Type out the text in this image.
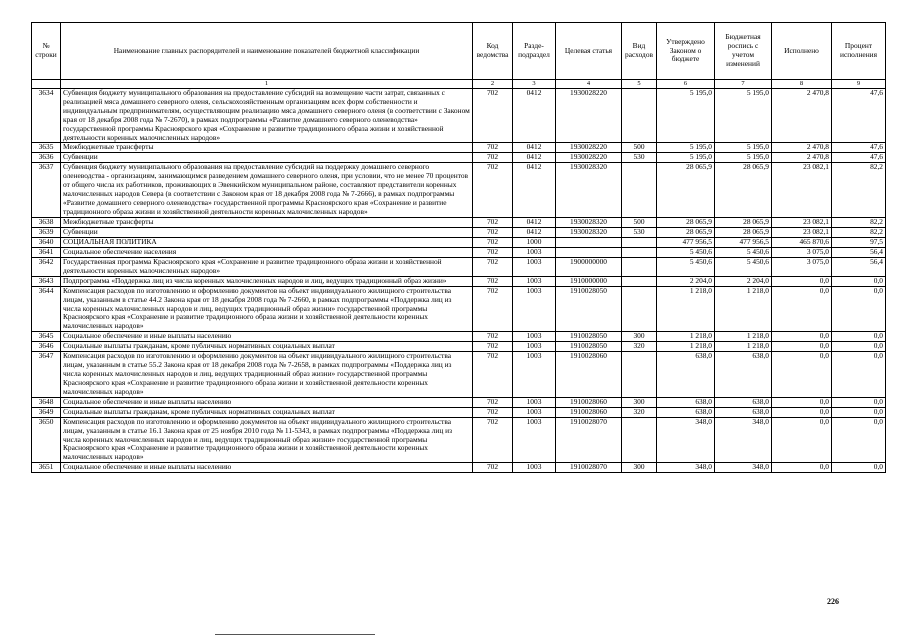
№ строки	Наименование главных распорядителей и наименование показателей бюджетной классификации	Код ведомства	Разде-подраздел	Целевая статья	Вид расходов	Утверждено Законом о бюджете	Бюджетная роспись с учетом изменений	Исполнено	Процент исполнения
	1	2	3	4	5	6	7	8	9
3634	Субвенция бюджету муниципального образования на предоставление субсидий на возмещение части затрат, связанных с реализацией мяса домашнего северного оленя, сельскохозяйственным организациям всех форм собственности и индивидуальным предпринимателям, осуществляющим реализацию мяса домашнего северного оленя (в соответствии с Законом края от 18 декабря 2008 года № 7-2670), в рамках подпрограммы «Развитие домашнего северного оленеводства» государственной программы Красноярского края «Сохранение и развитие традиционного образа жизни и хозяйственной деятельности коренных малочисленных народов»	702	0412	1930028220		5 195,0	5 195,0	2 470,8	47,6
3635	Межбюджетные трансферты	702	0412	1930028220	500	5 195,0	5 195,0	2 470,8	47,6
3636	Субвенции	702	0412	1930028220	530	5 195,0	5 195,0	2 470,8	47,6
3637	Субвенция бюджету муниципального образования на предоставление субсидий на поддержку домашнего северного оленеводства - организациям, занимающимся разведением домашнего северного оленя, при условии, что не менее 70 процентов от общего числа их работников, проживающих в Эвенкийском муниципальном районе, составляют представители коренных малочисленных народов Севера (в соответствии с Законом края от 18 декабря 2008 года № 7-2666), в рамках подпрограммы «Развитие домашнего северного оленеводства» государственной программы Красноярского края «Сохранение и развитие традиционного образа жизни и хозяйственной деятельности коренных малочисленных народов»	702	0412	1930028320		28 065,9	28 065,9	23 082,1	82,2
3638	Межбюджетные трансферты	702	0412	1930028320	500	28 065,9	28 065,9	23 082,1	82,2
3639	Субвенции	702	0412	1930028320	530	28 065,9	28 065,9	23 082,1	82,2
3640	СОЦИАЛЬНАЯ ПОЛИТИКА	702	1000			477 956,5	477 956,5	465 870,6	97,5
3641	Социальное обеспечение населения	702	1003			5 450,6	5 450,6	3 075,0	56,4
3642	Государственная программа Красноярского края «Сохранение и развитие традиционного образа жизни и хозяйственной деятельности коренных малочисленных народов»	702	1003	1900000000		5 450,6	5 450,6	3 075,0	56,4
3643	Подпрограмма «Поддержка лиц из числа коренных малочисленных народов и лиц, ведущих традиционный образ жизни»	702	1003	1910000000		2 204,0	2 204,0	0,0	0,0
3644	Компенсация расходов по изготовлению и оформлению документов на объект индивидуального жилищного строительства лицам, указанным в статье 44.2 Закона края от 18 декабря 2008 года № 7-2660, в рамках подпрограммы «Поддержка лиц из числа коренных малочисленных народов и лиц, ведущих традиционный образ жизни» государственной программы Красноярского края «Сохранение и развитие традиционного образа жизни и хозяйственной деятельности коренных малочисленных народов»	702	1003	1910028050		1 218,0	1 218,0	0,0	0,0
3645	Социальное обеспечение и иные выплаты населению	702	1003	1910028050	300	1 218,0	1 218,0	0,0	0,0
3646	Социальные выплаты гражданам, кроме публичных нормативных социальных выплат	702	1003	1910028050	320	1 218,0	1 218,0	0,0	0,0
3647	Компенсация расходов по изготовлению и оформлению документов на объект индивидуального жилищного строительства лицам, указанным в статье 55.2 Закона края от 18 декабря 2008 года № 7-2658, в рамках подпрограммы «Поддержка лиц из числа коренных малочисленных народов и лиц, ведущих традиционный образ жизни» государственной программы Красноярского края «Сохранение и развитие традиционного образа жизни и хозяйственной деятельности коренных малочисленных народов»	702	1003	1910028060		638,0	638,0	0,0	0,0
3648	Социальное обеспечение и иные выплаты населению	702	1003	1910028060	300	638,0	638,0	0,0	0,0
3649	Социальные выплаты гражданам, кроме публичных нормативных социальных выплат	702	1003	1910028060	320	638,0	638,0	0,0	0,0
3650	Компенсация расходов по изготовлению и оформлению документов на объект индивидуального жилищного строительства лицам, указанным в статье 16.1 Закона края от 25 ноября 2010 года № 11-5343, в рамках подпрограммы «Поддержка лиц из числа коренных малочисленных народов и лиц, ведущих традиционный образ жизни» государственной программы Красноярского края «Сохранение и развитие традиционного образа жизни и хозяйственной деятельности коренных малочисленных народов»	702	1003	1910028070		348,0	348,0	0,0	0,0
3651	Социальное обеспечение и иные выплаты населению	702	1003	1910028070	300	348,0	348,0	0,0	0,0
226
